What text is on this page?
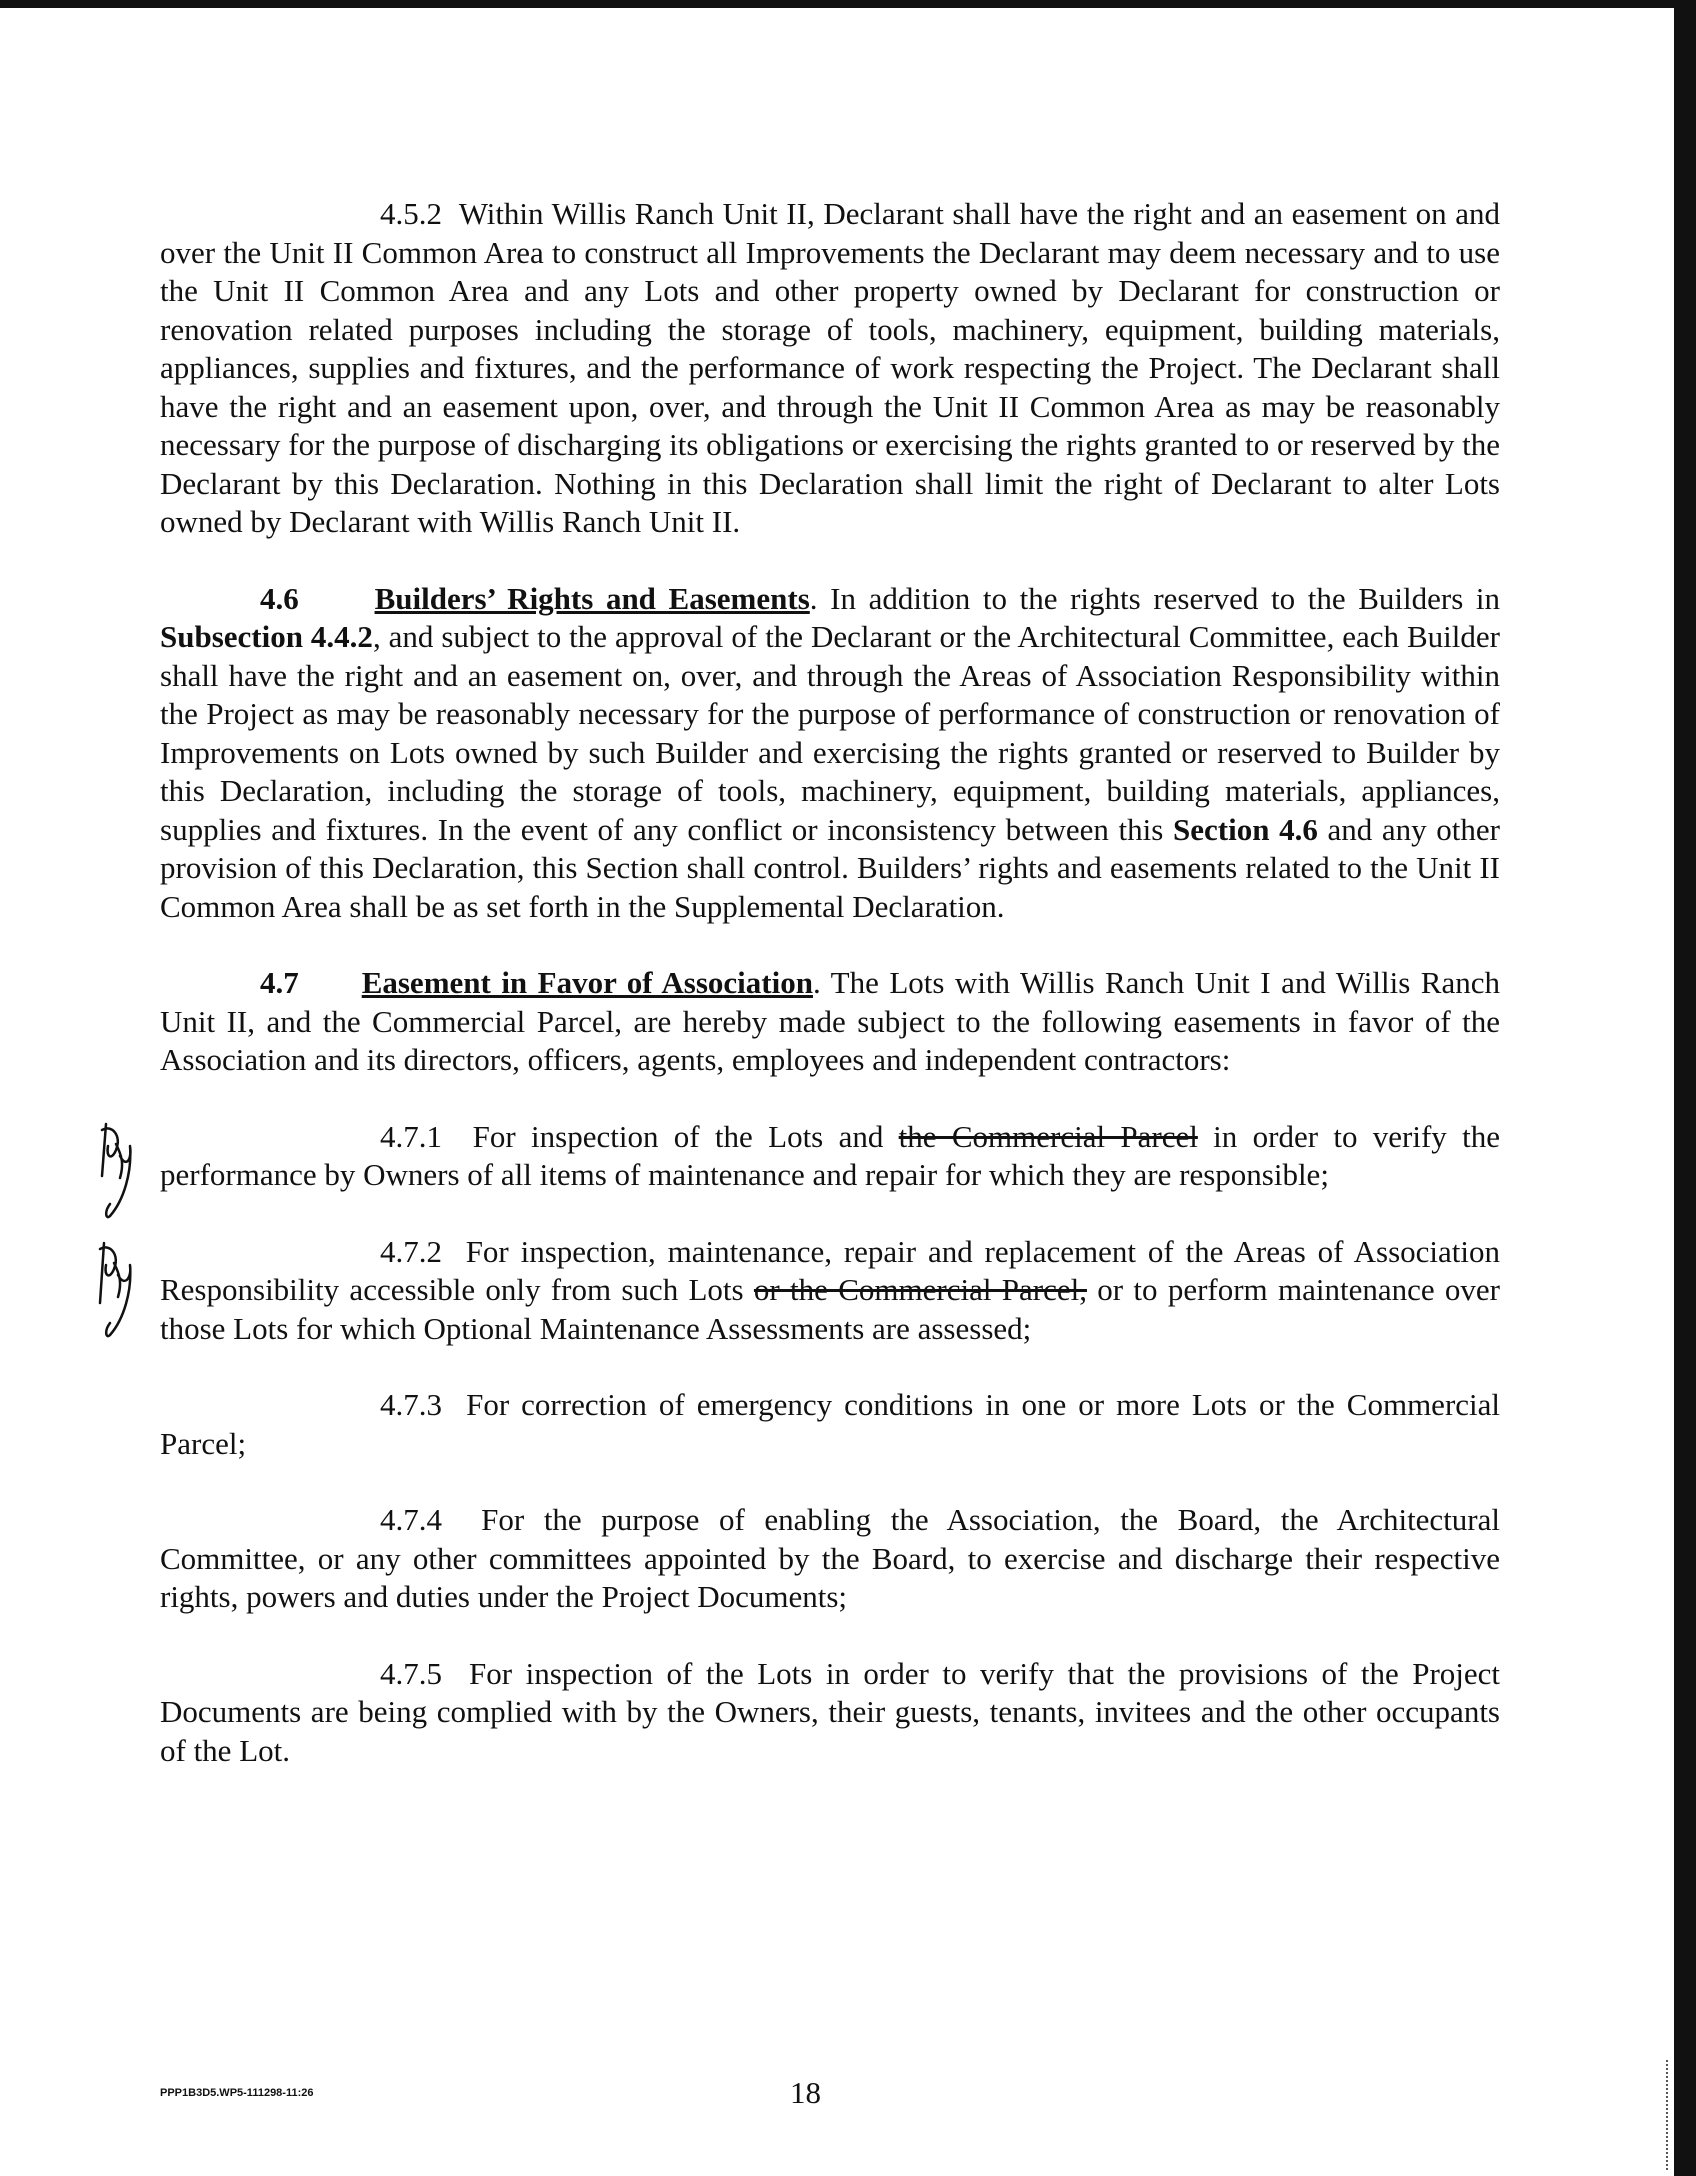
4.5.2 Within Willis Ranch Unit II, Declarant shall have the right and an easement on and over the Unit II Common Area to construct all Improvements the Declarant may deem necessary and to use the Unit II Common Area and any Lots and other property owned by Declarant for construction or renovation related purposes including the storage of tools, machinery, equipment, building materials, appliances, supplies and fixtures, and the performance of work respecting the Project. The Declarant shall have the right and an easement upon, over, and through the Unit II Common Area as may be reasonably necessary for the purpose of discharging its obligations or exercising the rights granted to or reserved by the Declarant by this Declaration. Nothing in this Declaration shall limit the right of Declarant to alter Lots owned by Declarant with Willis Ranch Unit II.

4.6 Builders’ Rights and Easements. In addition to the rights reserved to the Builders in Subsection 4.4.2, and subject to the approval of the Declarant or the Architectural Committee, each Builder shall have the right and an easement on, over, and through the Areas of Association Responsibility within the Project as may be reasonably necessary for the purpose of performance of construction or renovation of Improvements on Lots owned by such Builder and exercising the rights granted or reserved to Builder by this Declaration, including the storage of tools, machinery, equipment, building materials, appliances, supplies and fixtures. In the event of any conflict or inconsistency between this Section 4.6 and any other provision of this Declaration, this Section shall control. Builders’ rights and easements related to the Unit II Common Area shall be as set forth in the Supplemental Declaration.

4.7 Easement in Favor of Association. The Lots with Willis Ranch Unit I and Willis Ranch Unit II, and the Commercial Parcel, are hereby made subject to the following easements in favor of the Association and its directors, officers, agents, employees and independent contractors:

4.7.1 For inspection of the Lots and the Commercial Parcel in order to verify the performance by Owners of all items of maintenance and repair for which they are responsible;

4.7.2 For inspection, maintenance, repair and replacement of the Areas of Association Responsibility accessible only from such Lots or the Commercial Parcel, or to perform maintenance over those Lots for which Optional Maintenance Assessments are assessed;

4.7.3 For correction of emergency conditions in one or more Lots or the Commercial Parcel;

4.7.4 For the purpose of enabling the Association, the Board, the Architectural Committee, or any other committees appointed by the Board, to exercise and discharge their respective rights, powers and duties under the Project Documents;

4.7.5 For inspection of the Lots in order to verify that the provisions of the Project Documents are being complied with by the Owners, their guests, tenants, invitees and the other occupants of the Lot.

PPP1B3D5.WP5-111298-11:26	18
